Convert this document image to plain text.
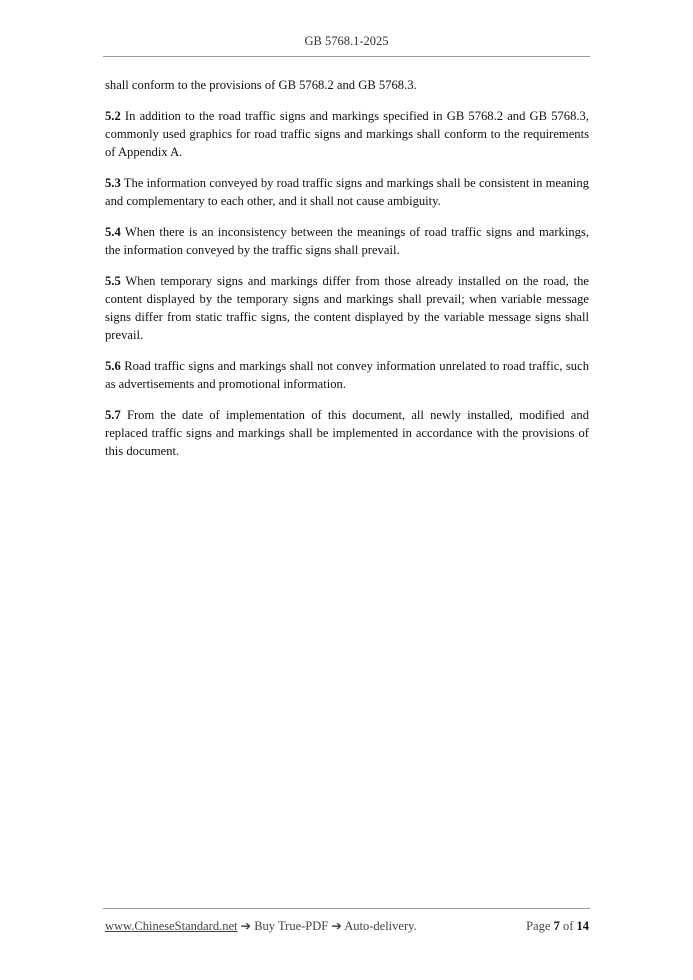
GB 5768.1-2025

shall conform to the provisions of GB 5768.2 and GB 5768.3.

5.2 In addition to the road traffic signs and markings specified in GB 5768.2 and GB 5768.3, commonly used graphics for road traffic signs and markings shall conform to the requirements of Appendix A.

5.3 The information conveyed by road traffic signs and markings shall be consistent in meaning and complementary to each other, and it shall not cause ambiguity.

5.4 When there is an inconsistency between the meanings of road traffic signs and markings, the information conveyed by the traffic signs shall prevail.

5.5 When temporary signs and markings differ from those already installed on the road, the content displayed by the temporary signs and markings shall prevail; when variable message signs differ from static traffic signs, the content displayed by the variable message signs shall prevail.

5.6 Road traffic signs and markings shall not convey information unrelated to road traffic, such as advertisements and promotional information.

5.7 From the date of implementation of this document, all newly installed, modified and replaced traffic signs and markings shall be implemented in accordance with the provisions of this document.

www.ChineseStandard.net ➔ Buy True-PDF ➔ Auto-delivery.	Page 7 of 14
